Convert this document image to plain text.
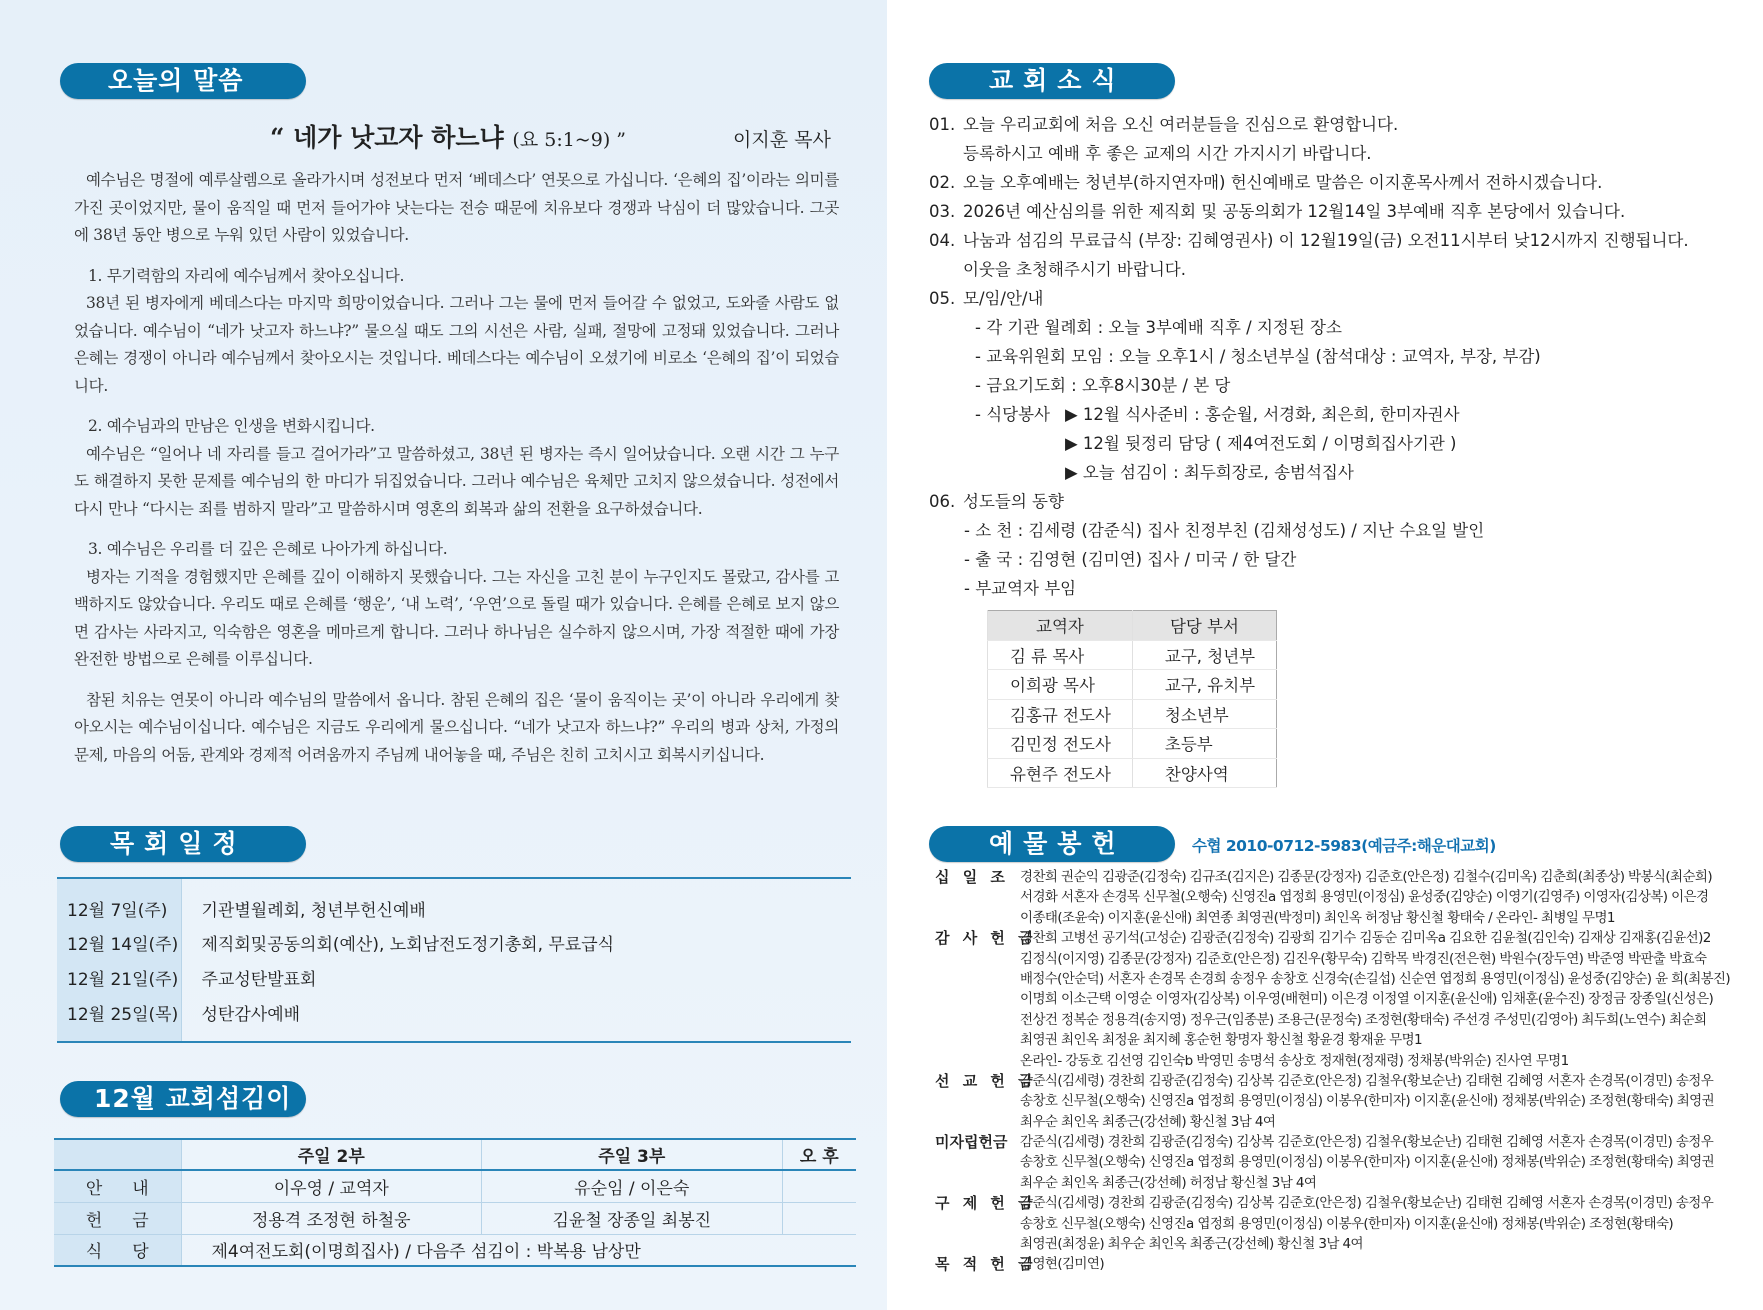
오늘의 말씀
“ 네가 낫고자 하느냐 (요 5:1~9) ”	이지훈 목사

예수님은 명절에 예루살렘으로 올라가시며 성전보다 먼저 ‘베데스다’ 연못으로 가십니다. ‘은혜의 집’이라는 의미를 가진 곳이었지만, 물이 움직일 때 먼저 들어가야 낫는다는 전승 때문에 치유보다 경쟁과 낙심이 더 많았습니다. 그곳에 38년 동안 병으로 누워 있던 사람이 있었습니다.

1. 무기력함의 자리에 예수님께서 찾아오십니다.

38년 된 병자에게 베데스다는 마지막 희망이었습니다. 그러나 그는 물에 먼저 들어갈 수 없었고, 도와줄 사람도 없었습니다. 예수님이 “네가 낫고자 하느냐?” 물으실 때도 그의 시선은 사람, 실패, 절망에 고정돼 있었습니다. 그러나 은혜는 경쟁이 아니라 예수님께서 찾아오시는 것입니다. 베데스다는 예수님이 오셨기에 비로소 ‘은혜의 집’이 되었습니다.

2. 예수님과의 만남은 인생을 변화시킵니다.

예수님은 “일어나 네 자리를 들고 걸어가라”고 말씀하셨고, 38년 된 병자는 즉시 일어났습니다. 오랜 시간 그 누구도 해결하지 못한 문제를 예수님의 한 마디가 뒤집었습니다. 그러나 예수님은 육체만 고치지 않으셨습니다. 성전에서 다시 만나 “다시는 죄를 범하지 말라”고 말씀하시며 영혼의 회복과 삶의 전환을 요구하셨습니다.

3. 예수님은 우리를 더 깊은 은혜로 나아가게 하십니다.

병자는 기적을 경험했지만 은혜를 깊이 이해하지 못했습니다. 그는 자신을 고친 분이 누구인지도 몰랐고, 감사를 고백하지도 않았습니다. 우리도 때로 은혜를 ‘행운’, ‘내 노력’, ‘우연’으로 돌릴 때가 있습니다. 은혜를 은혜로 보지 않으면 감사는 사라지고, 익숙함은 영혼을 메마르게 합니다. 그러나 하나님은 실수하지 않으시며, 가장 적절한 때에 가장 완전한 방법으로 은혜를 이루십니다.

참된 치유는 연못이 아니라 예수님의 말씀에서 옵니다. 참된 은혜의 집은 ‘물이 움직이는 곳’이 아니라 우리에게 찾아오시는 예수님이십니다. 예수님은 지금도 우리에게 물으십니다. “네가 낫고자 하느냐?” 우리의 병과 상처, 가정의 문제, 마음의 어둠, 관계와 경제적 어려움까지 주님께 내어놓을 때, 주님은 친히 고치시고 회복시키십니다.

목회일정
12월 7일(주)	기관별월례회, 청년부헌신예배
12월 14일(주)	제직회및공동의회(예산), 노회남전도정기총회, 무료급식
12월 21일(주)	주교성탄발표회
12월 25일(목)	성탄감사예배
12월 교회섬김이
	주일 2부	주일 3부	오 후
안내	이우영 / 교역자	유순임 / 이은숙	
헌금	정용격 조정현 하철웅	김윤철 장종일 최봉진	
식당	제4여전도회(이명희집사) / 다음주 섬김이 : 박복용 남상만		
교회소식
01. 오늘 우리교회에 처음 오신 여러분들을 진심으로 환영합니다.
등록하시고 예배 후 좋은 교제의 시간 가지시기 바랍니다.
02. 오늘 오후예배는 청년부(하지연자매) 헌신예배로 말씀은 이지훈목사께서 전하시겠습니다.
03. 2026년 예산심의를 위한 제직회 및 공동의회가 12월14일 3부예배 직후 본당에서 있습니다.
04. 나눔과 섬김의 무료급식 (부장: 김혜영권사) 이 12월19일(금) 오전11시부터 낮12시까지 진행됩니다.
이웃을 초청해주시기 바랍니다.
05. 모/임/안/내
- 각 기관 월례회 : 오늘 3부예배 직후 / 지정된 장소
- 교육위원회 모임 : 오늘 오후1시 / 청소년부실 (참석대상 : 교역자, 부장, 부감)
- 금요기도회 : 오후8시30분 / 본 당
- 식당봉사 ▶ 12월 식사준비 : 홍순월, 서경화, 최은희, 한미자권사
▶ 12월 뒷정리 담당 ( 제4여전도회 / 이명희집사기관 )
▶ 오늘 섬김이 : 최두희장로, 송범석집사
06. 성도들의 동향
- 소 천 : 김세령 (감준식) 집사 친정부친 (김채성성도) / 지난 수요일 발인
- 출 국 : 김영현 (김미연) 집사 / 미국 / 한 달간
- 부교역자 부임
교역자	담당 부서
김 류 목사	교구, 청년부
이희광 목사	교구, 유치부
김홍규 전도사	청소년부
김민정 전도사	초등부
유현주 전도사	찬양사역
예물봉헌	수협 2010-0712-5983(예금주:해운대교회)
십 일 조 경찬희 권순익 김광준(김정숙) 김규조(김지은) 김종문(강정자) 김준호(안은정) 김철수(김미옥) 김춘희(최종상) 박봉식(최순희)
서경화 서혼자 손경목 신무철(오행숙) 신영진a 엽정희 용영민(이정심) 윤성중(김양순) 이영기(김영주) 이영자(김상복) 이은경
이종태(조윤숙) 이지훈(윤신애) 최연종 최영권(박정미) 최인옥 허정남 황신철 황태숙 / 온라인- 최병일 무명1
감 사 헌 금
경찬희 고병선 공기석(고성순) 김광준(김정숙) 김광희 김기수 김동순 김미옥a 김요한 김윤철(김인숙) 김재상 김재홍(김윤선)2
김정식(이지영) 김종문(강정자) 김준호(안은정) 김진우(황무숙) 김학목 박경진(전은현) 박원수(장두연) 박준영 박판출 박효숙
배정수(안순덕) 서혼자 손경목 손경희 송정우 송창호 신경숙(손길섭) 신순연 엽정희 용영민(이정심) 윤성중(김양순) 윤 희(최봉진)
이명희 이소근택 이영순 이영자(김상복) 이우영(배현미) 이은경 이정열 이지훈(윤신애) 임채훈(윤수진) 장정금 장종일(신성은)
전상건 정복순 정용격(송지영) 정우근(임종분) 조용근(문정숙) 조정현(황태숙) 주선경 주성민(김영아) 최두희(노연수) 최순희
최영권 최인옥 최정윤 최지혜 홍순헌 황명자 황신철 황윤경 황재윤 무명1
온라인- 강동호 김선영 김인숙b 박영민 송명석 송상호 정재현(정재령) 정채봉(박위순) 진사연 무명1
선 교 헌 금
감준식(김세령) 경찬희 김광준(김정숙) 김상복 김준호(안은정) 김철우(황보순난) 김태현 김혜영 서혼자 손경목(이경민) 송정우
송창호 신무철(오행숙) 신영진a 엽정희 용영민(이정심) 이봉우(한미자) 이지훈(윤신애) 정채봉(박위순) 조정현(황태숙) 최영권
최우순 최인옥 최종근(강선혜) 황신철 3남 4여
미자립헌금 감준식(김세령) 경찬희 김광준(김정숙) 김상복 김준호(안은정) 김철우(황보순난) 김태현 김혜영 서혼자 손경목(이경민) 송정우
송창호 신무철(오행숙) 신영진a 엽정희 용영민(이정심) 이봉우(한미자) 이지훈(윤신애) 정채봉(박위순) 조정현(황태숙) 최영권
최우순 최인옥 최종근(강선혜) 허정남 황신철 3남 4여
구 제 헌 금
감준식(김세령) 경찬희 김광준(김정숙) 김상복 김준호(안은정) 김철우(황보순난) 김태현 김혜영 서혼자 손경목(이경민) 송정우
송창호 신무철(오행숙) 신영진a 엽정희 용영민(이정심) 이봉우(한미자) 이지훈(윤신애) 정채봉(박위순) 조정현(황태숙)
최영권(최정윤) 최우순 최인옥 최종근(강선혜) 황신철 3남 4여
목 적 헌 금
김영현(김미연)
